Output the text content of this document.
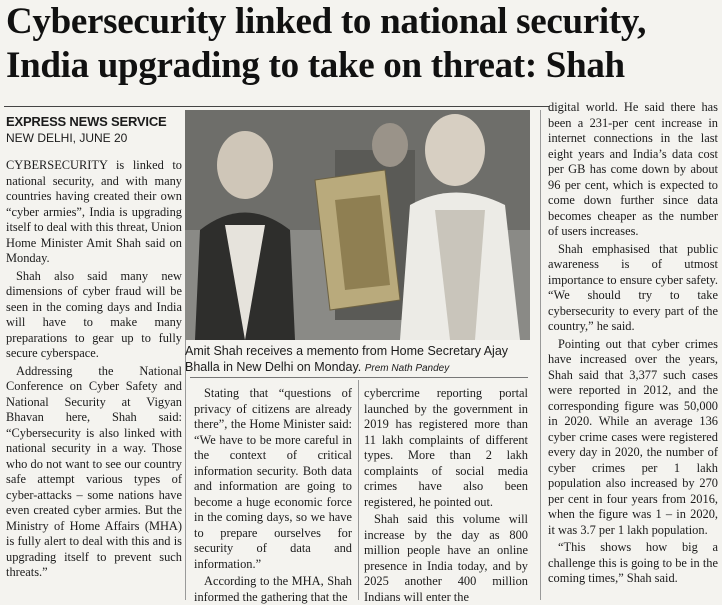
Cybersecurity linked to national security,
India upgrading to take on threat: Shah
EXPRESS NEWS SERVICE
NEW DELHI, JUNE 20

CYBERSECURITY is linked to national security, and with many countries having created their own “cyber armies”, India is upgrading itself to deal with this threat, Union Home Minister Amit Shah said on Monday.

Shah also said many new dimensions of cyber fraud will be seen in the coming days and India will have to make many preparations to gear up to fully secure cyberspace.

Addressing the National Conference on Cyber Safety and National Security at Vigyan Bhavan here, Shah said: “Cybersecurity is also linked with national security in a way. Those who do not want to see our country safe attempt various types of cyber-attacks – some nations have even created cyber armies. But the Ministry of Home Affairs (MHA) is fully alert to deal with this and is upgrading itself to prevent such threats.”

Amit Shah receives a memento from Home Secretary Ajay Bhalla in New Delhi on Monday. Prem Nath Pandey

Stating that “questions of privacy of citizens are already there”, the Home Minister said: “We have to be more careful in the context of critical information security. Both data and information are going to become a huge economic force in the coming days, so we have to prepare ourselves for security of data and information.”

According to the MHA, Shah informed the gathering that the

cybercrime reporting portal launched by the government in 2019 has registered more than 11 lakh complaints of different types. More than 2 lakh complaints of social media crimes have also been registered, he pointed out.

Shah said this volume will increase by the day as 800 million people have an online presence in India today, and by 2025 another 400 million Indians will enter the

digital world. He said there has been a 231-per cent increase in internet connections in the last eight years and India’s data cost per GB has come down by about 96 per cent, which is expected to come down further since data becomes cheaper as the number of users increases.

Shah emphasised that public awareness is of utmost importance to ensure cyber safety. “We should try to take cybersecurity to every part of the country,” he said.

Pointing out that cyber crimes have increased over the years, Shah said that 3,377 such cases were reported in 2012, and the corresponding figure was 50,000 in 2020. While an average 136 cyber crime cases were registered every day in 2020, the number of cyber crimes per 1 lakh population also increased by 270 per cent in four years from 2016, when the figure was 1 – in 2020, it was 3.7 per 1 lakh population.

“This shows how big a challenge this is going to be in the coming times,” Shah said.
